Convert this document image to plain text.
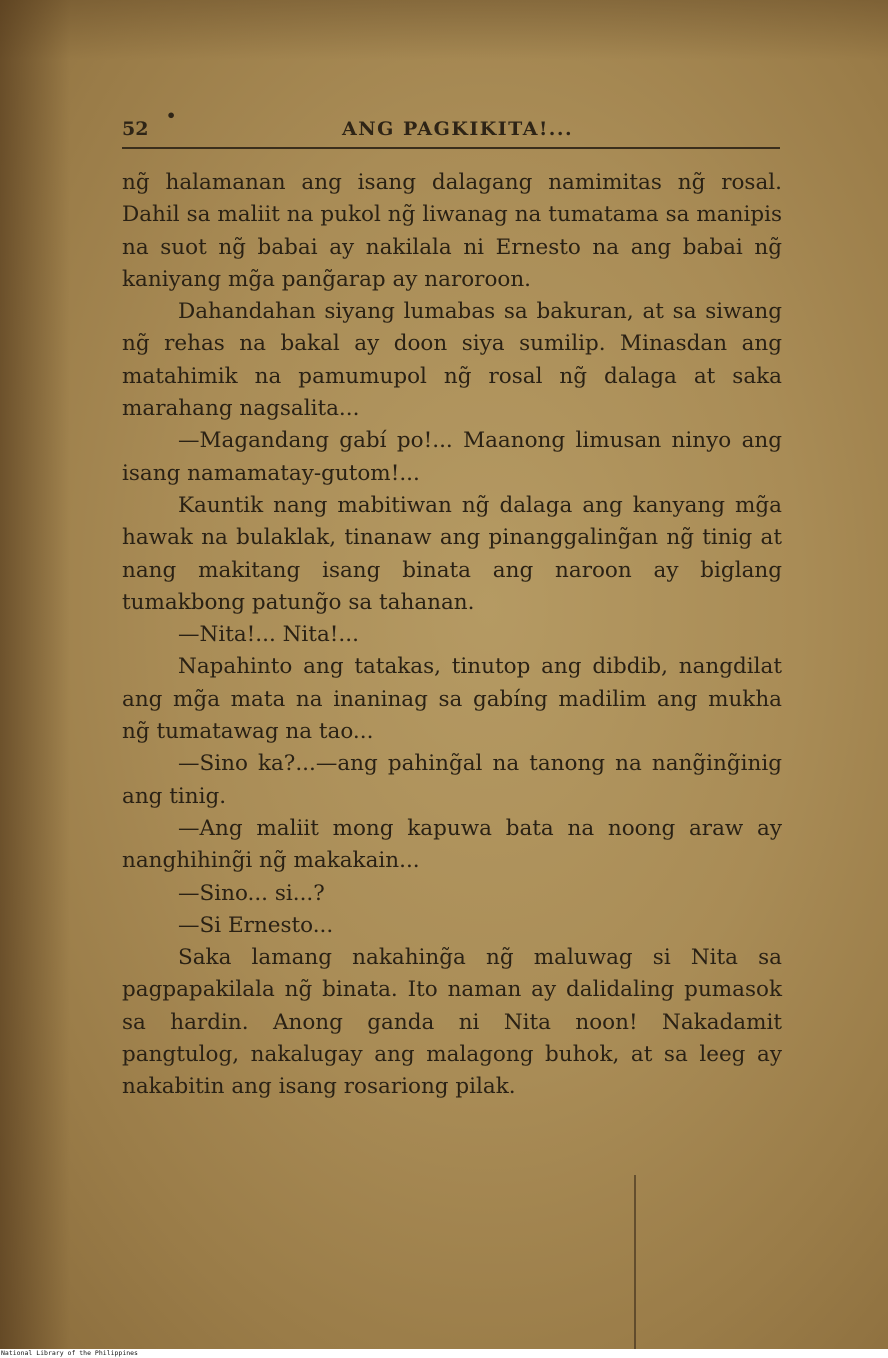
52
•
ANG PAGKIKITA!...

ng̃ halamanan ang isang dalagang namimitas ng̃ rosal. Dahil sa maliit na pukol ng̃ liwanag na tumatama sa manipis na suot ng̃ babai ay nakilala ni Ernesto na ang babai ng̃ kaniyang mg̃a pang̃arap ay naroroon.

Dahandahan siyang lumabas sa bakuran, at sa siwang ng̃ rehas na bakal ay doon siya sumilip. Minasdan ang matahimik na pamumupol ng̃ rosal ng̃ dalaga at saka marahang nagsalita...

—Magandang gabí po!... Maanong limusan ninyo ang isang namamatay-gutom!...

Kauntik nang mabitiwan ng̃ dalaga ang kanyang mg̃a hawak na bulaklak, tinanaw ang pinanggaling̃an ng̃ tinig at nang makitang isang binata ang naroon ay biglang tumakbong patung̃o sa tahanan.

—Nita!... Nita!...

Napahinto ang tatakas, tinutop ang dibdib, nangdilat ang mg̃a mata na inaninag sa gabíng madilim ang mukha ng̃ tumatawag na tao...

—Sino ka?...—ang pahing̃al na tanong na nang̃ing̃inig ang tinig.

—Ang maliit mong kapuwa bata na noong araw ay nanghihing̃i ng̃ makakain...

—Sino... si...?

—Si Ernesto...

Saka lamang nakahing̃a ng̃ maluwag si Nita sa pagpapakilala ng̃ binata. Ito naman ay dalidaling pumasok sa hardin. Anong ganda ni Nita noon! Nakadamit pangtulog, nakalugay ang malagong buhok, at sa leeg ay nakabitin ang isang rosariong pilak.

National Library of the Philippines
